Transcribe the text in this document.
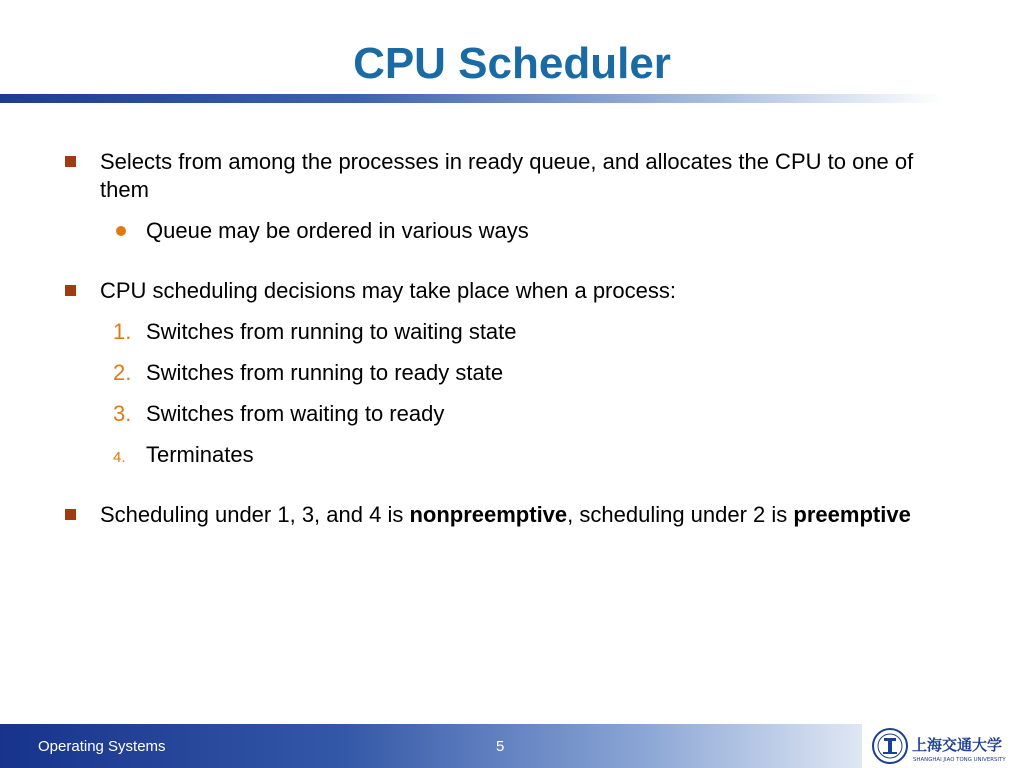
CPU Scheduler
Selects from among the processes in ready queue, and allocates the CPU to one of them
Queue may be ordered in various ways
CPU scheduling decisions may take place when a process:
1. Switches from running to waiting state
2. Switches from running to ready state
3. Switches from waiting to ready
4. Terminates
Scheduling under 1, 3, and 4 is nonpreemptive, scheduling under 2 is preemptive
Operating Systems	5	上海交通大学
SHANGHAI JIAO TONG UNIVERSITY
